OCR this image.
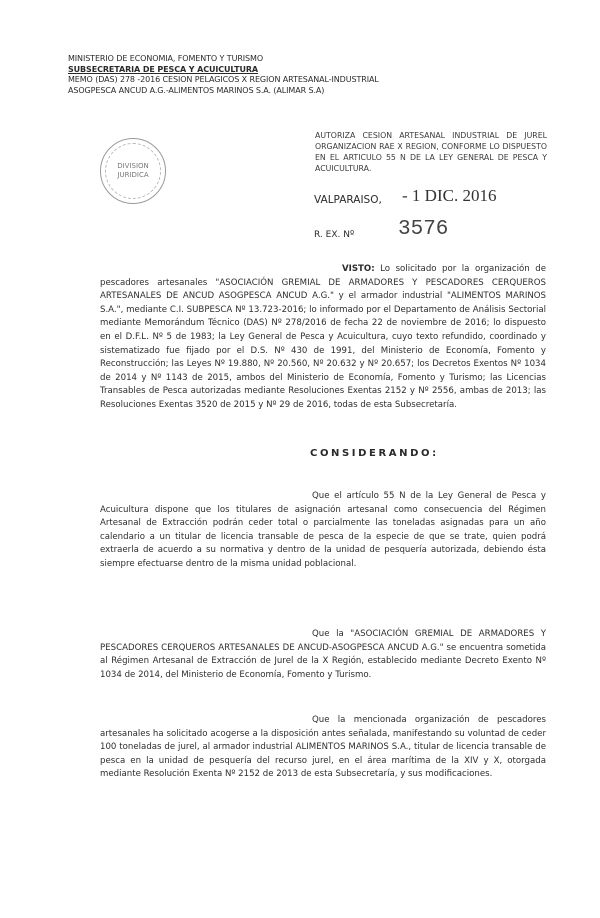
MINISTERIO DE ECONOMIA, FOMENTO Y TURISMO
SUBSECRETARIA DE PESCA Y ACUICULTURA
MEMO (DAS) 278 -2016 CESION PELAGICOS X REGION ARTESANAL-INDUSTRIAL
ASOGPESCA ANCUD A.G.-ALIMENTOS MARINOS S.A. (ALIMAR S.A)
DIVISION
JURIDICA
AUTORIZA CESION ARTESANAL INDUSTRIAL DE JUREL ORGANIZACION RAE X REGION, CONFORME LO DISPUESTO EN EL ARTICULO 55 N DE LA LEY GENERAL DE PESCA Y ACUICULTURA.
VALPARAISO, - 1 DIC. 2016
R. EX. Nº 3576
VISTO: Lo solicitado por la organización de pescadores artesanales "ASOCIACIÓN GREMIAL DE ARMADORES Y PESCADORES CERQUEROS ARTESANALES DE ANCUD ASOGPESCA ANCUD A.G." y el armador industrial "ALIMENTOS MARINOS S.A.", mediante C.I. SUBPESCA Nº 13.723-2016; lo informado por el Departamento de Análisis Sectorial mediante Memorándum Técnico (DAS) Nº 278/2016 de fecha 22 de noviembre de 2016; lo dispuesto en el D.F.L. Nº 5 de 1983; la Ley General de Pesca y Acuicultura, cuyo texto refundido, coordinado y sistematizado fue fijado por el D.S. Nº 430 de 1991, del Ministerio de Economía, Fomento y Reconstrucción; las Leyes Nº 19.880, Nº 20.560, Nº 20.632 y Nº 20.657; los Decretos Exentos Nº 1034 de 2014 y Nº 1143 de 2015, ambos del Ministerio de Economía, Fomento y Turismo; las Licencias Transables de Pesca autorizadas mediante Resoluciones Exentas 2152 y Nº 2556, ambas de 2013; las Resoluciones Exentas 3520 de 2015 y Nº 29 de 2016, todas de esta Subsecretaría.
CONSIDERANDO:
Que el artículo 55 N de la Ley General de Pesca y Acuicultura dispone que los titulares de asignación artesanal como consecuencia del Régimen Artesanal de Extracción podrán ceder total o parcialmente las toneladas asignadas para un año calendario a un titular de licencia transable de pesca de la especie de que se trate, quien podrá extraerla de acuerdo a su normativa y dentro de la unidad de pesquería autorizada, debiendo ésta siempre efectuarse dentro de la misma unidad poblacional.
Que la "ASOCIACIÓN GREMIAL DE ARMADORES Y PESCADORES CERQUEROS ARTESANALES DE ANCUD-ASOGPESCA ANCUD A.G." se encuentra sometida al Régimen Artesanal de Extracción de Jurel de la X Región, establecido mediante Decreto Exento Nº 1034 de 2014, del Ministerio de Economía, Fomento y Turismo.
Que la mencionada organización de pescadores artesanales ha solicitado acogerse a la disposición antes señalada, manifestando su voluntad de ceder 100 toneladas de jurel, al armador industrial ALIMENTOS MARINOS S.A., titular de licencia transable de pesca en la unidad de pesquería del recurso jurel, en el área marítima de la XIV y X, otorgada mediante Resolución Exenta Nº 2152 de 2013 de esta Subsecretaría, y sus modificaciones.
